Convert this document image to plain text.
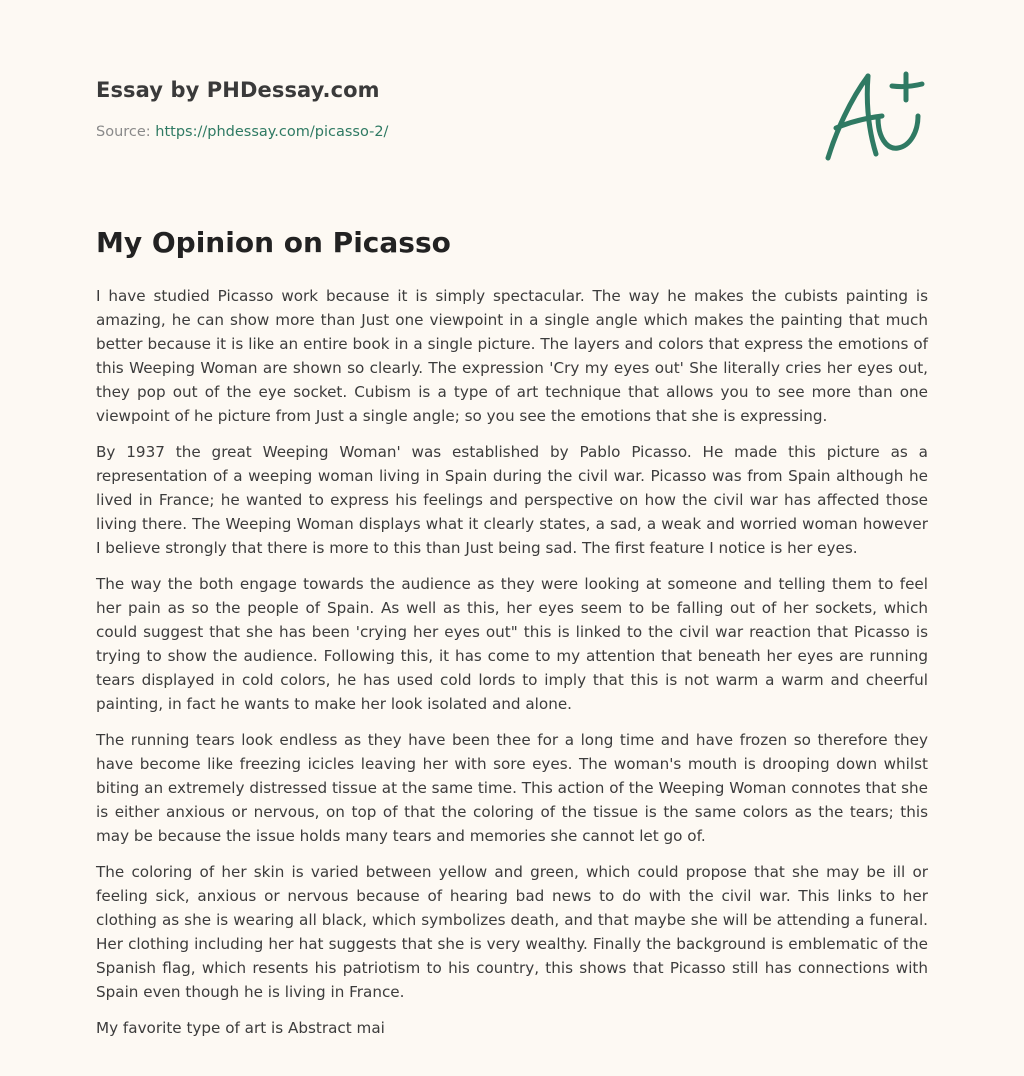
Essay by PHDessay.com
Source: https://phdessay.com/picasso-2/
My Opinion on Picasso

I have studied Picasso work because it is simply spectacular. The way he makes the cubists painting is amazing, he can show more than Just one viewpoint in a single angle which makes the painting that much better because it is like an entire book in a single picture. The layers and colors that express the emotions of this Weeping Woman are shown so clearly. The expression 'Cry my eyes out' She literally cries her eyes out, they pop out of the eye socket. Cubism is a type of art technique that allows you to see more than one viewpoint of he picture from Just a single angle; so you see the emotions that she is expressing.

By 1937 the great Weeping Woman' was established by Pablo Picasso. He made this picture as a representation of a weeping woman living in Spain during the civil war. Picasso was from Spain although he lived in France; he wanted to express his feelings and perspective on how the civil war has affected those living there. The Weeping Woman displays what it clearly states, a sad, a weak and worried woman however I believe strongly that there is more to this than Just being sad. The first feature I notice is her eyes.

The way the both engage towards the audience as they were looking at someone and telling them to feel her pain as so the people of Spain. As well as this, her eyes seem to be falling out of her sockets, which could suggest that she has been 'crying her eyes out" this is linked to the civil war reaction that Picasso is trying to show the audience. Following this, it has come to my attention that beneath her eyes are running tears displayed in cold colors, he has used cold lords to imply that this is not warm a warm and cheerful painting, in fact he wants to make her look isolated and alone.

The running tears look endless as they have been thee for a long time and have frozen so therefore they have become like freezing icicles leaving her with sore eyes. The woman's mouth is drooping down whilst biting an extremely distressed tissue at the same time. This action of the Weeping Woman connotes that she is either anxious or nervous, on top of that the coloring of the tissue is the same colors as the tears; this may be because the issue holds many tears and memories she cannot let go of.

The coloring of her skin is varied between yellow and green, which could propose that she may be ill or feeling sick, anxious or nervous because of hearing bad news to do with the civil war. This links to her clothing as she is wearing all black, which symbolizes death, and that maybe she will be attending a funeral. Her clothing including her hat suggests that she is very wealthy. Finally the background is emblematic of the Spanish flag, which resents his patriotism to his country, this shows that Picasso still has connections with Spain even though he is living in France.

My favorite type of art is Abstract mai
